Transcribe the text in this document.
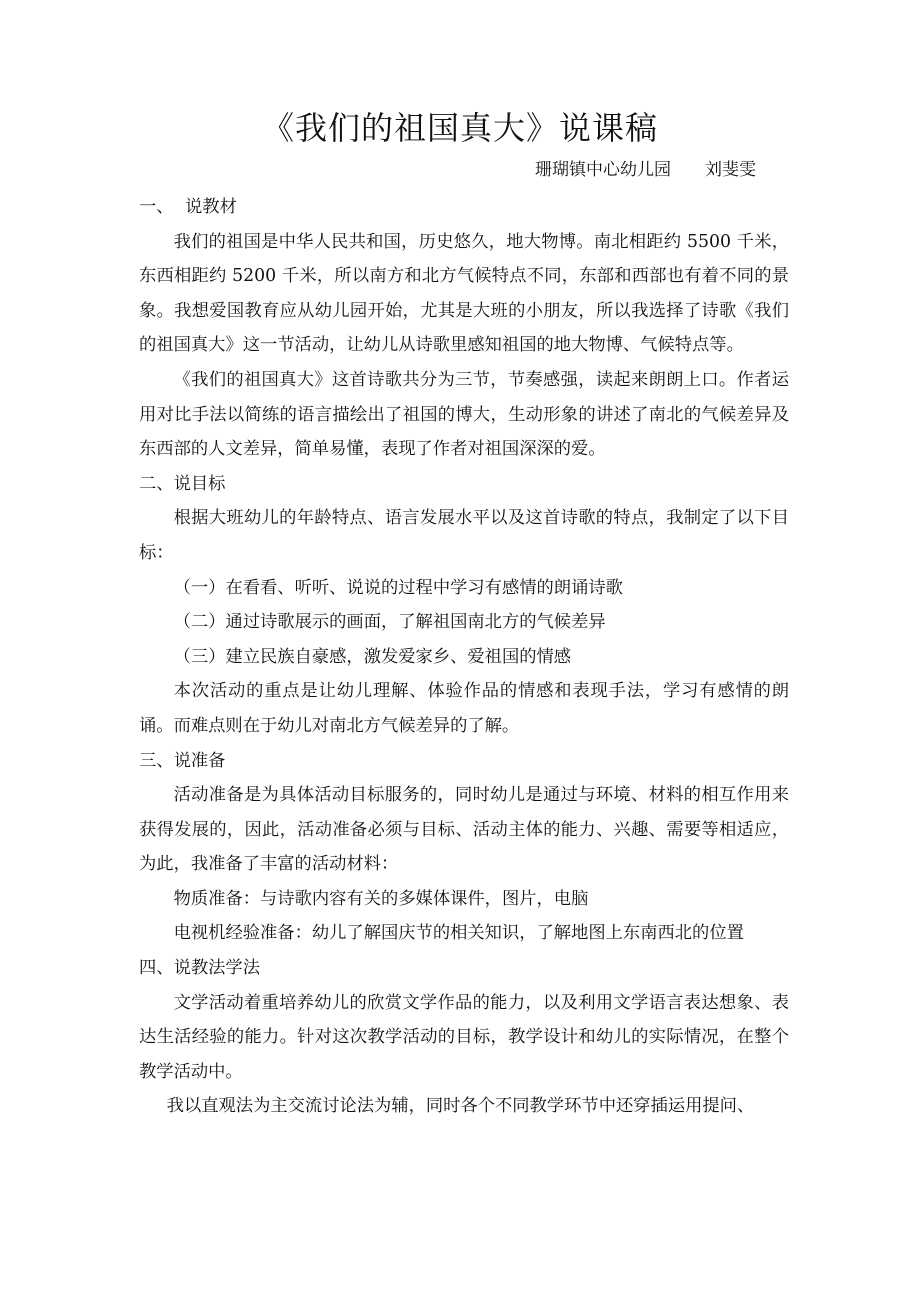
《我们的祖国真大》说课稿
珊瑚镇中心幼儿园 刘斐雯

一、 说教材

我们的祖国是中华人民共和国，历史悠久，地大物博。南北相距约 5500 千米，东西相距约 5200 千米，所以南方和北方气候特点不同，东部和西部也有着不同的景象。我想爱国教育应从幼儿园开始，尤其是大班的小朋友，所以我选择了诗歌《我们的祖国真大》这一节活动，让幼儿从诗歌里感知祖国的地大物博、气候特点等。

《我们的祖国真大》这首诗歌共分为三节，节奏感强，读起来朗朗上口。作者运用对比手法以简练的语言描绘出了祖国的博大，生动形象的讲述了南北的气候差异及东西部的人文差异，简单易懂，表现了作者对祖国深深的爱。

二、说目标

根据大班幼儿的年龄特点、语言发展水平以及这首诗歌的特点，我制定了以下目标：

（一）在看看、听听、说说的过程中学习有感情的朗诵诗歌

（二）通过诗歌展示的画面，了解祖国南北方的气候差异

（三）建立民族自豪感，激发爱家乡、爱祖国的情感

本次活动的重点是让幼儿理解、体验作品的情感和表现手法，学习有感情的朗诵。而难点则在于幼儿对南北方气候差异的了解。

三、说准备

活动准备是为具体活动目标服务的，同时幼儿是通过与环境、材料的相互作用来获得发展的，因此，活动准备必须与目标、活动主体的能力、兴趣、需要等相适应，为此，我准备了丰富的活动材料：

物质准备：与诗歌内容有关的多媒体课件，图片，电脑

电视机经验准备：幼儿了解国庆节的相关知识，了解地图上东南西北的位置

四、说教法学法

文学活动着重培养幼儿的欣赏文学作品的能力，以及利用文学语言表达想象、表达生活经验的能力。针对这次教学活动的目标，教学设计和幼儿的实际情况，在整个教学活动中。

我以直观法为主交流讨论法为辅，同时各个不同教学环节中还穿插运用提问、
